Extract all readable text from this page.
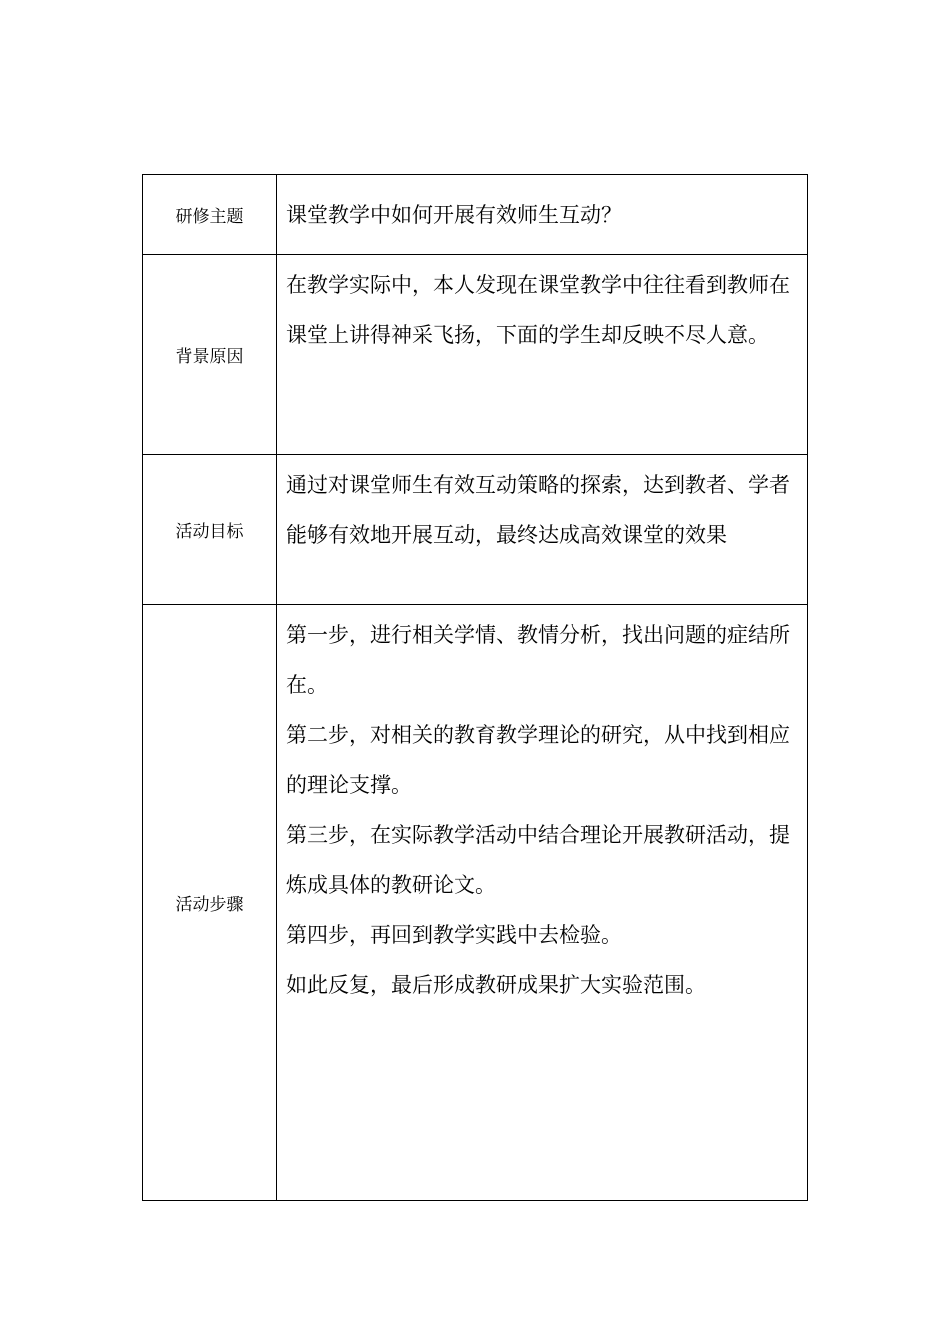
研修主题	课堂教学中如何开展有效师生互动？
背景原因	在教学实际中，本人发现在课堂教学中往往看到教师在课堂上讲得神采飞扬，下面的学生却反映不尽人意。
活动目标	通过对课堂师生有效互动策略的探索，达到教者、学者能够有效地开展互动，最终达成高效课堂的效果
活动步骤	第一步，进行相关学情、教情分析，找出问题的症结所在。

第二步，对相关的教育教学理论的研究，从中找到相应的理论支撑。

第三步，在实际教学活动中结合理论开展教研活动，提炼成具体的教研论文。

第四步，再回到教学实践中去检验。

如此反复，最后形成教研成果扩大实验范围。
